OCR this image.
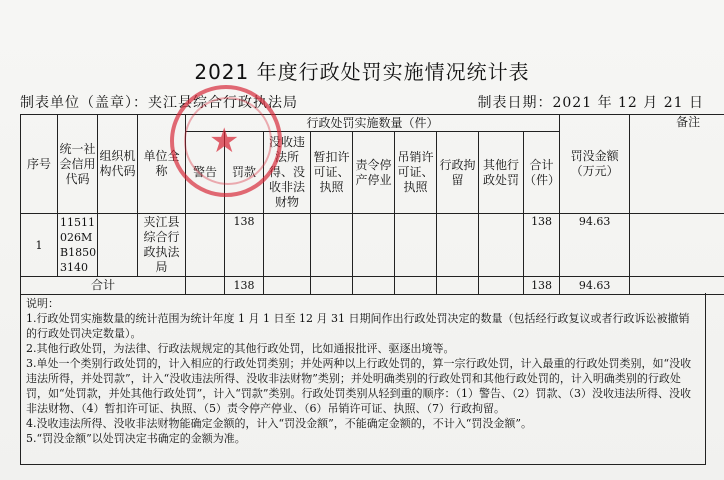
2021 年度行政处罚实施情况统计表
制表单位（盖章）：夹江县综合行政执法局	制表日期：2021 年 12 月 21 日
序号	统一社会信用代码	组织机构代码	单位全称	行政处罚实施数量（件）									罚没金额（万元）	备注
				警告	罚款	没收违法所得、没收非法财物	暂扣许可证、执照	责令停产停业	吊销许可证、执照	行政拘留	其他行政处罚	合计（件）		
1	11511026MB18503140		夹江县综合行政执法局		138							138	94.63	
合计					138							138	94.63	
说明：
1.行政处罚实施数量的统计范围为统计年度 1 月 1 日至 12 月 31 日期间作出行政处罚决定的数量（包括经行政复议或者行政诉讼被撤销的行政处罚决定数量）。
2.其他行政处罚，为法律、行政法规规定的其他行政处罚，比如通报批评、驱逐出境等。
3.单处一个类别行政处罚的，计入相应的行政处罚类别；并处两种以上行政处罚的，算一宗行政处罚，计入最重的行政处罚类别，如“没收违法所得，并处罚款”，计入“没收违法所得、没收非法财物”类别；并处明确类别的行政处罚和其他行政处罚的，计入明确类别的行政处罚，如“处罚款，并处其他行政处罚”，计入“罚款”类别。行政处罚类别从轻到重的顺序：（1）警告、（2）罚款、（3）没收违法所得、没收非法财物、（4）暂扣许可证、执照、（5）责令停产停业、（6）吊销许可证、执照、（7）行政拘留。
4.没收违法所得、没收非法财物能确定金额的，计入“罚没金额”，不能确定金额的，不计入“罚没金额”。
5.“罚没金额”以处罚决定书确定的金额为准。
★
